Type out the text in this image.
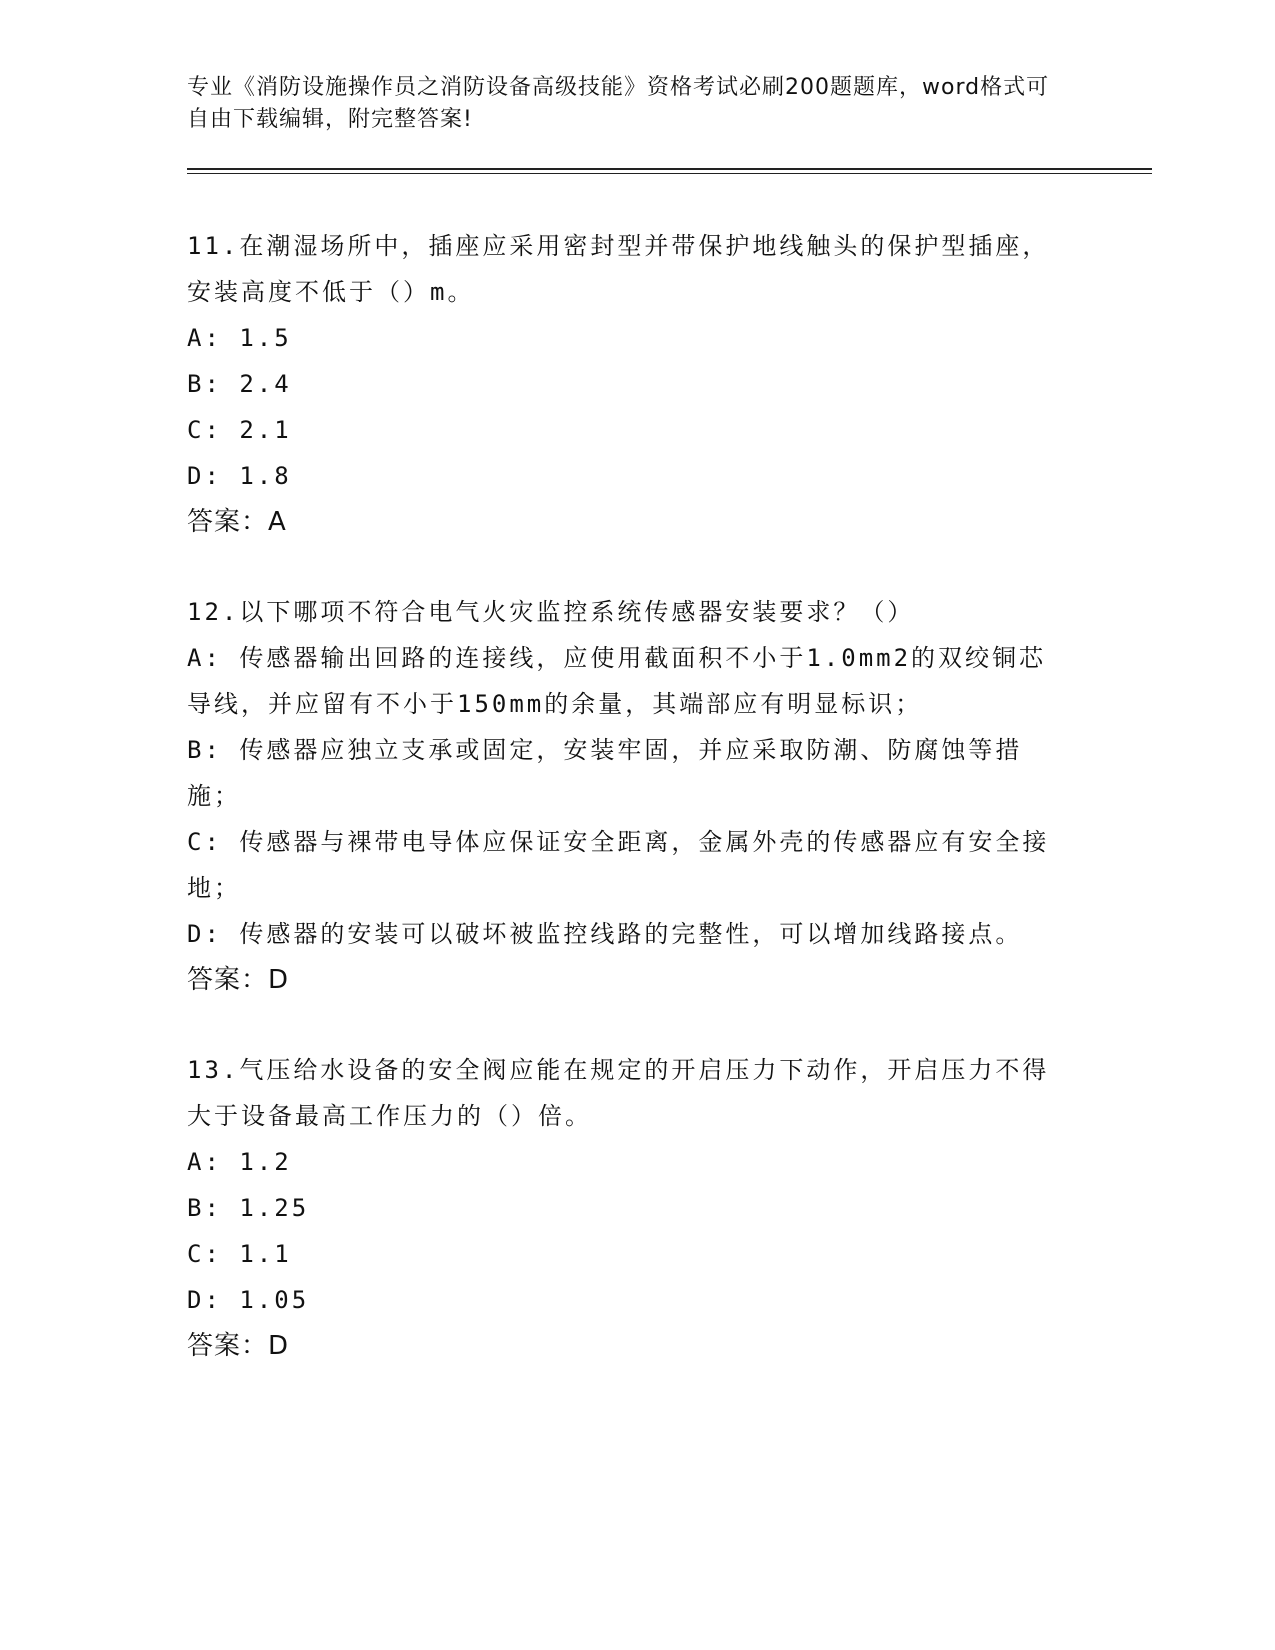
专业《消防设施操作员之消防设备高级技能》资格考试必刷200题题库，word格式可自由下载编辑，附完整答案!

11.在潮湿场所中，插座应采用密封型并带保护地线触头的保护型插座，安装高度不低于（）m。

A: 1.5

B: 2.4

C: 2.1

D: 1.8

答案：A

12.以下哪项不符合电气火灾监控系统传感器安装要求？（）

A: 传感器输出回路的连接线，应使用截面积不小于1.0mm2的双绞铜芯导线，并应留有不小于150mm的余量，其端部应有明显标识；

B: 传感器应独立支承或固定，安装牢固，并应采取防潮、防腐蚀等措施；

C: 传感器与裸带电导体应保证安全距离，金属外壳的传感器应有安全接地；

D: 传感器的安装可以破坏被监控线路的完整性，可以增加线路接点。

答案：D

13.气压给水设备的安全阀应能在规定的开启压力下动作，开启压力不得大于设备最高工作压力的（）倍。

A: 1.2

B: 1.25

C: 1.1

D: 1.05

答案：D
